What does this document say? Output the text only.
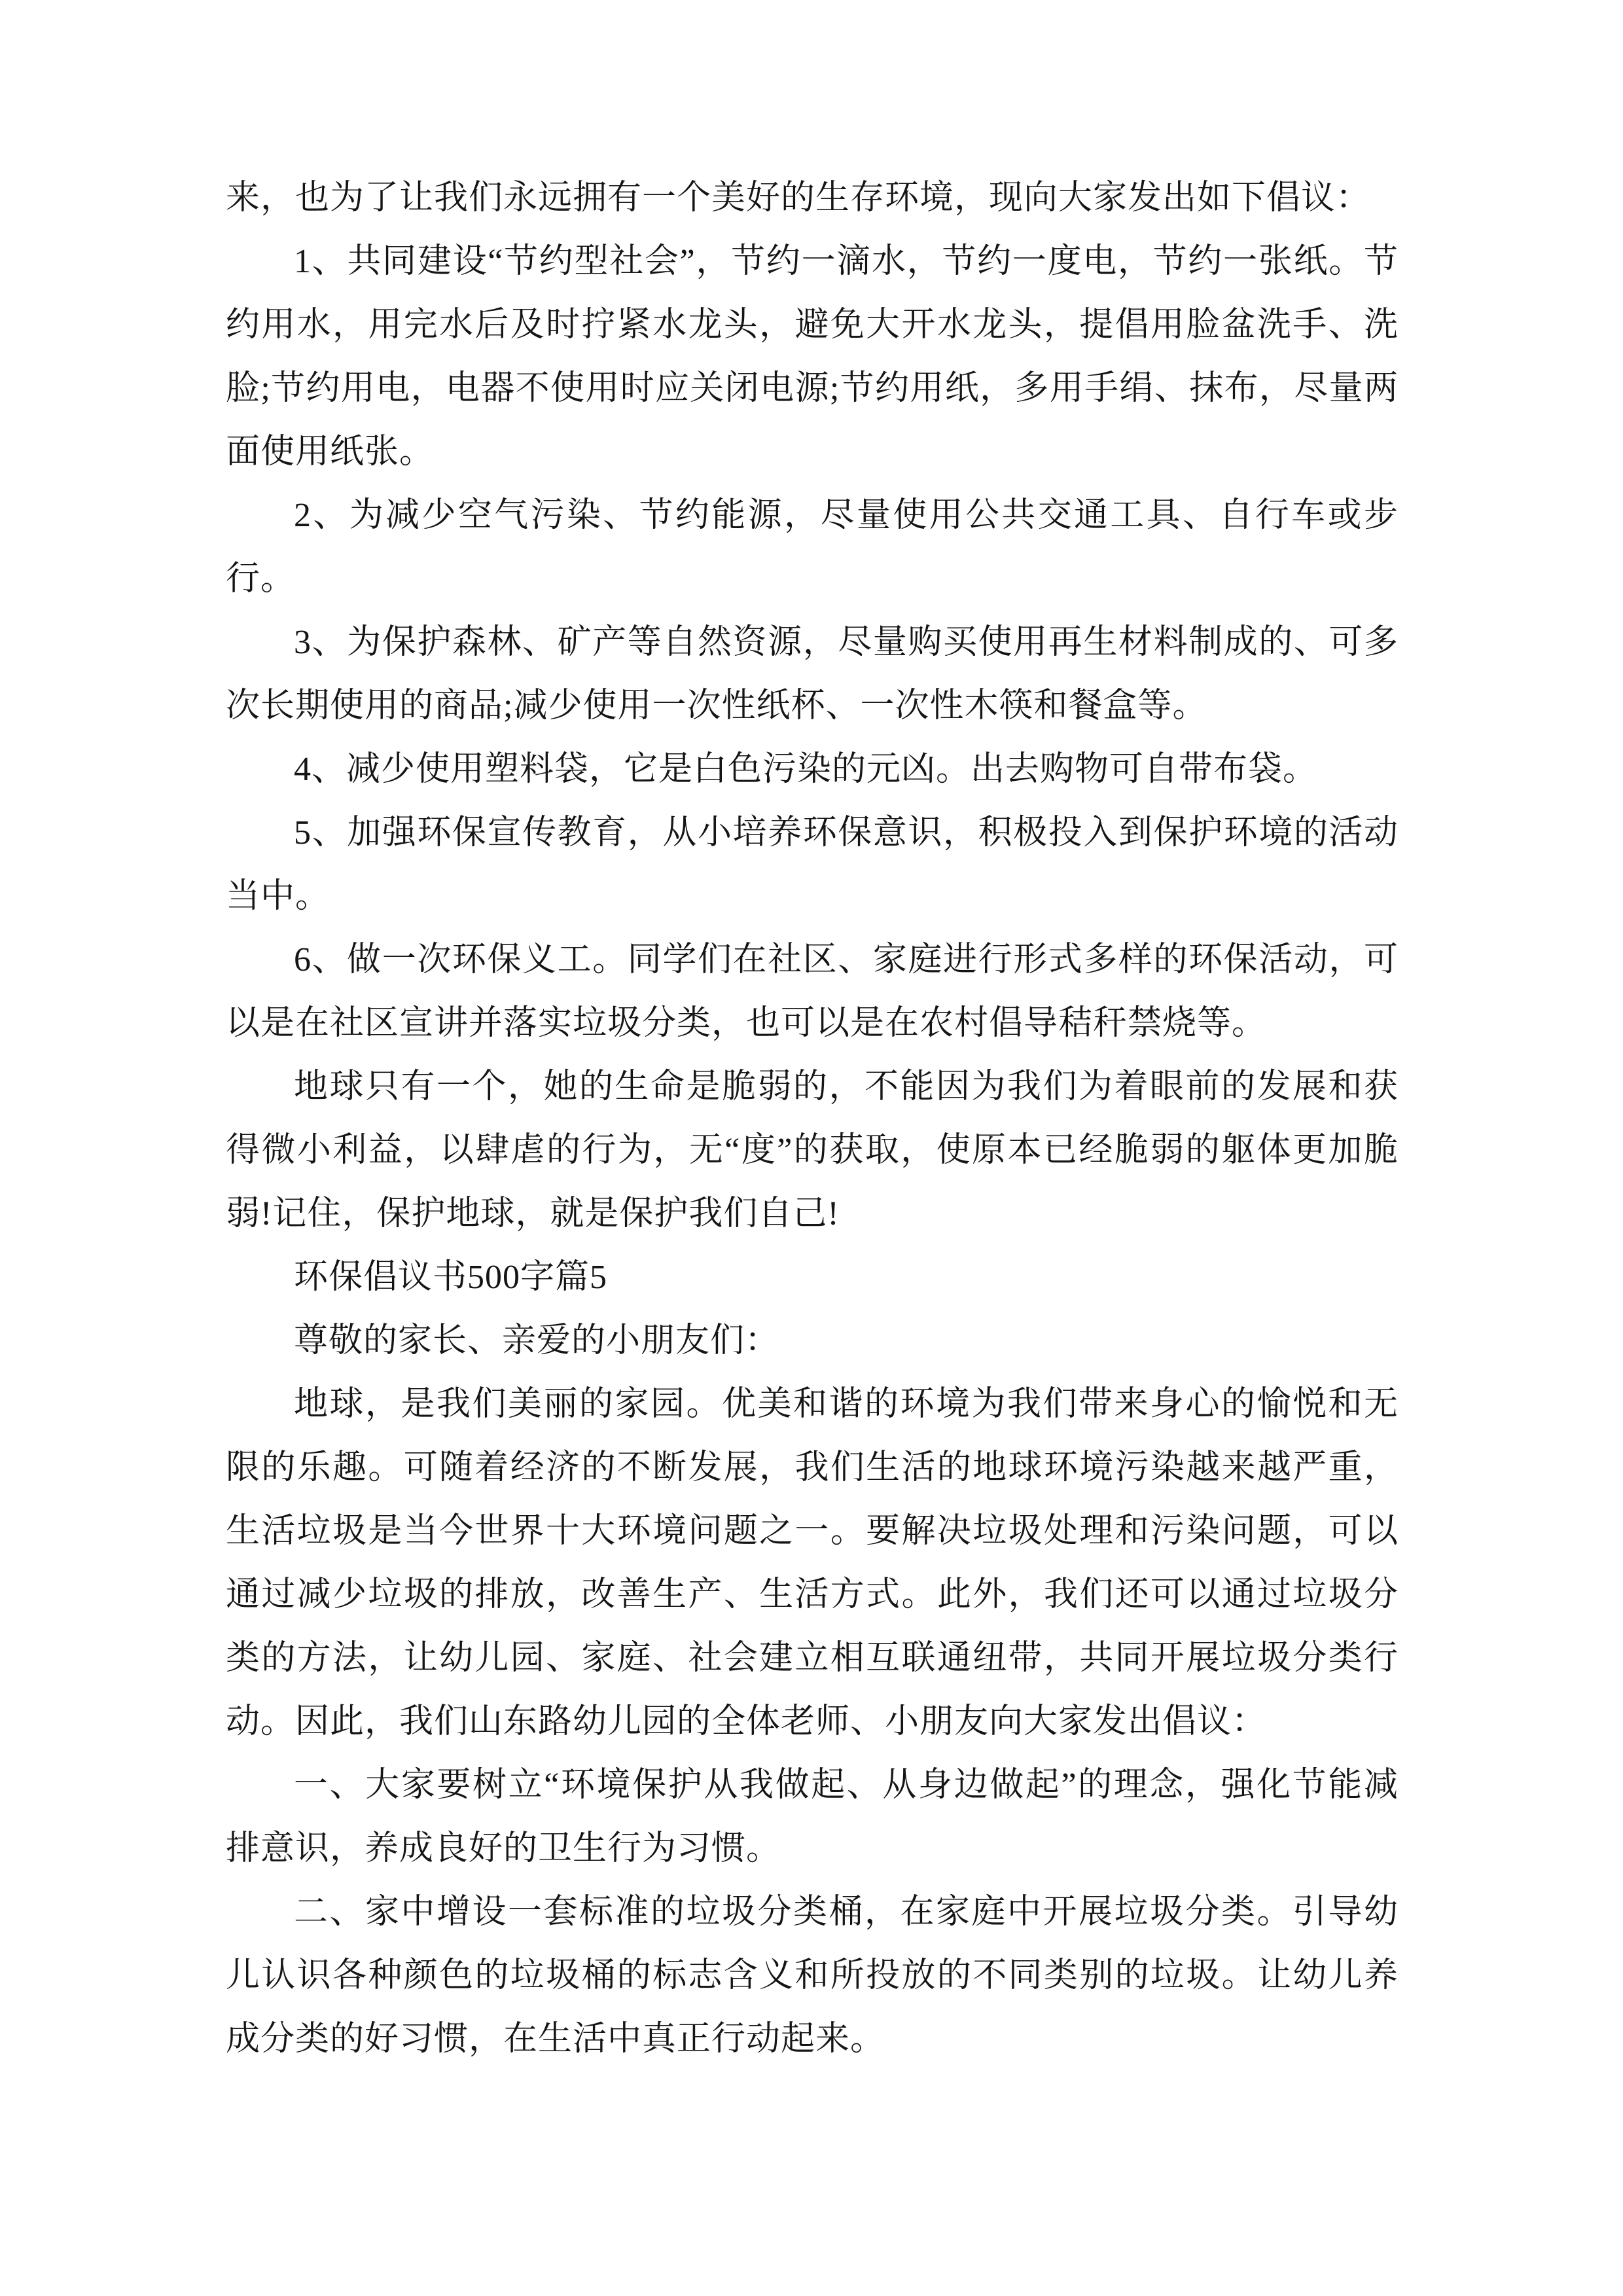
来，也为了让我们永远拥有一个美好的生存环境，现向大家发出如下倡议：

1、共同建设“节约型社会”，节约一滴水，节约一度电，节约一张纸。节约用水，用完水后及时拧紧水龙头，避免大开水龙头，提倡用脸盆洗手、洗脸;节约用电，电器不使用时应关闭电源;节约用纸，多用手绢、抹布，尽量两面使用纸张。

2、为减少空气污染、节约能源，尽量使用公共交通工具、自行车或步行。

3、为保护森林、矿产等自然资源，尽量购买使用再生材料制成的、可多次长期使用的商品;减少使用一次性纸杯、一次性木筷和餐盒等。

4、减少使用塑料袋，它是白色污染的元凶。出去购物可自带布袋。

5、加强环保宣传教育，从小培养环保意识，积极投入到保护环境的活动当中。

6、做一次环保义工。同学们在社区、家庭进行形式多样的环保活动，可以是在社区宣讲并落实垃圾分类，也可以是在农村倡导秸秆禁烧等。

地球只有一个，她的生命是脆弱的，不能因为我们为着眼前的发展和获得微小利益，以肆虐的行为，无“度”的获取，使原本已经脆弱的躯体更加脆弱!记住，保护地球，就是保护我们自己!

环保倡议书500字篇5

尊敬的家长、亲爱的小朋友们：

地球，是我们美丽的家园。优美和谐的环境为我们带来身心的愉悦和无限的乐趣。可随着经济的不断发展，我们生活的地球环境污染越来越严重，生活垃圾是当今世界十大环境问题之一。要解决垃圾处理和污染问题，可以通过减少垃圾的排放，改善生产、生活方式。此外，我们还可以通过垃圾分类的方法，让幼儿园、家庭、社会建立相互联通纽带，共同开展垃圾分类行动。因此，我们山东路幼儿园的全体老师、小朋友向大家发出倡议：

一、大家要树立“环境保护从我做起、从身边做起”的理念，强化节能减排意识，养成良好的卫生行为习惯。

二、家中增设一套标准的垃圾分类桶，在家庭中开展垃圾分类。引导幼儿认识各种颜色的垃圾桶的标志含义和所投放的不同类别的垃圾。让幼儿养成分类的好习惯，在生活中真正行动起来。
